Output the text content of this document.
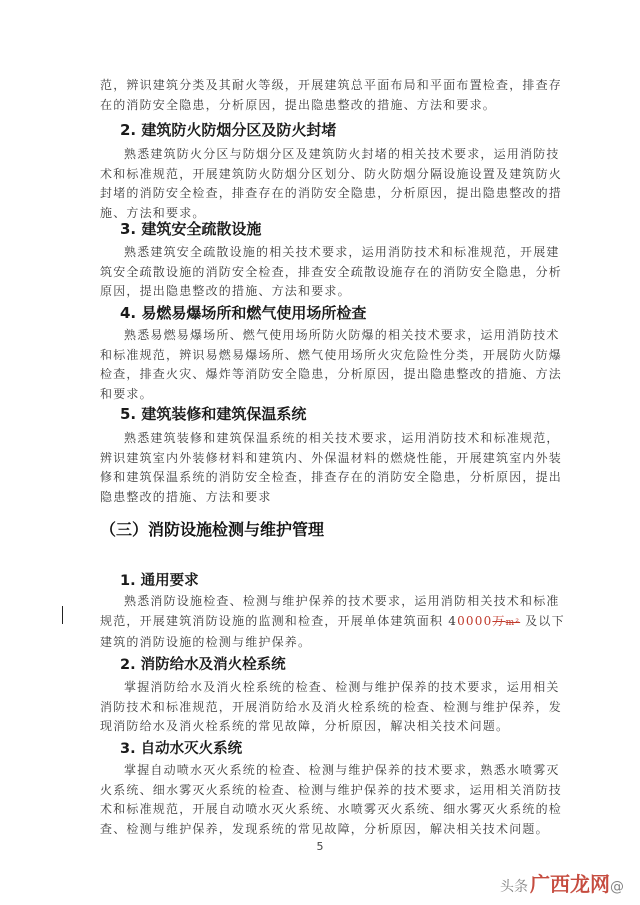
范，辨识建筑分类及其耐火等级，开展建筑总平面布局和平面布置检查，排查存
在的消防安全隐患，分析原因，提出隐患整改的措施、方法和要求。

2. 建筑防火防烟分区及防火封堵

熟悉建筑防火分区与防烟分区及建筑防火封堵的相关技术要求，运用消防技
术和标准规范，开展建筑防火防烟分区划分、防火防烟分隔设施设置及建筑防火
封堵的消防安全检查，排查存在的消防安全隐患，分析原因，提出隐患整改的措
施、方法和要求。

3. 建筑安全疏散设施

熟悉建筑安全疏散设施的相关技术要求，运用消防技术和标准规范，开展建
筑安全疏散设施的消防安全检查，排查安全疏散设施存在的消防安全隐患，分析
原因，提出隐患整改的措施、方法和要求。

4. 易燃易爆场所和燃气使用场所检查

熟悉易燃易爆场所、燃气使用场所防火防爆的相关技术要求，运用消防技术
和标准规范，辨识易燃易爆场所、燃气使用场所火灾危险性分类，开展防火防爆
检查，排查火灾、爆炸等消防安全隐患，分析原因，提出隐患整改的措施、方法
和要求。

5. 建筑装修和建筑保温系统

熟悉建筑装修和建筑保温系统的相关技术要求，运用消防技术和标准规范，
辨识建筑室内外装修材料和建筑内、外保温材料的燃烧性能，开展建筑室内外装
修和建筑保温系统的消防安全检查，排查存在的消防安全隐患，分析原因，提出
隐患整改的措施、方法和要求

（三）消防设施检测与维护管理
1. 通用要求

熟悉消防设施检查、检测与维护保养的技术要求，运用消防相关技术和标准
规范，开展建筑消防设施的监测和检查，开展单体建筑面积 40000万m² 及以下
建筑的消防设施的检测与维护保养。

2. 消防给水及消火栓系统

掌握消防给水及消火栓系统的检查、检测与维护保养的技术要求，运用相关
消防技术和标准规范，开展消防给水及消火栓系统的检查、检测与维护保养，发
现消防给水及消火栓系统的常见故障，分析原因，解决相关技术问题。

3. 自动水灭火系统

掌握自动喷水灭火系统的检查、检测与维护保养的技术要求，熟悉水喷雾灭
火系统、细水雾灭火系统的检查、检测与维护保养的技术要求，运用相关消防技
术和标准规范，开展自动喷水灭火系统、水喷雾灭火系统、细水雾灭火系统的检
查、检测与维护保养，发现系统的常见故障，分析原因，解决相关技术问题。

5
头条 广西龙网@
